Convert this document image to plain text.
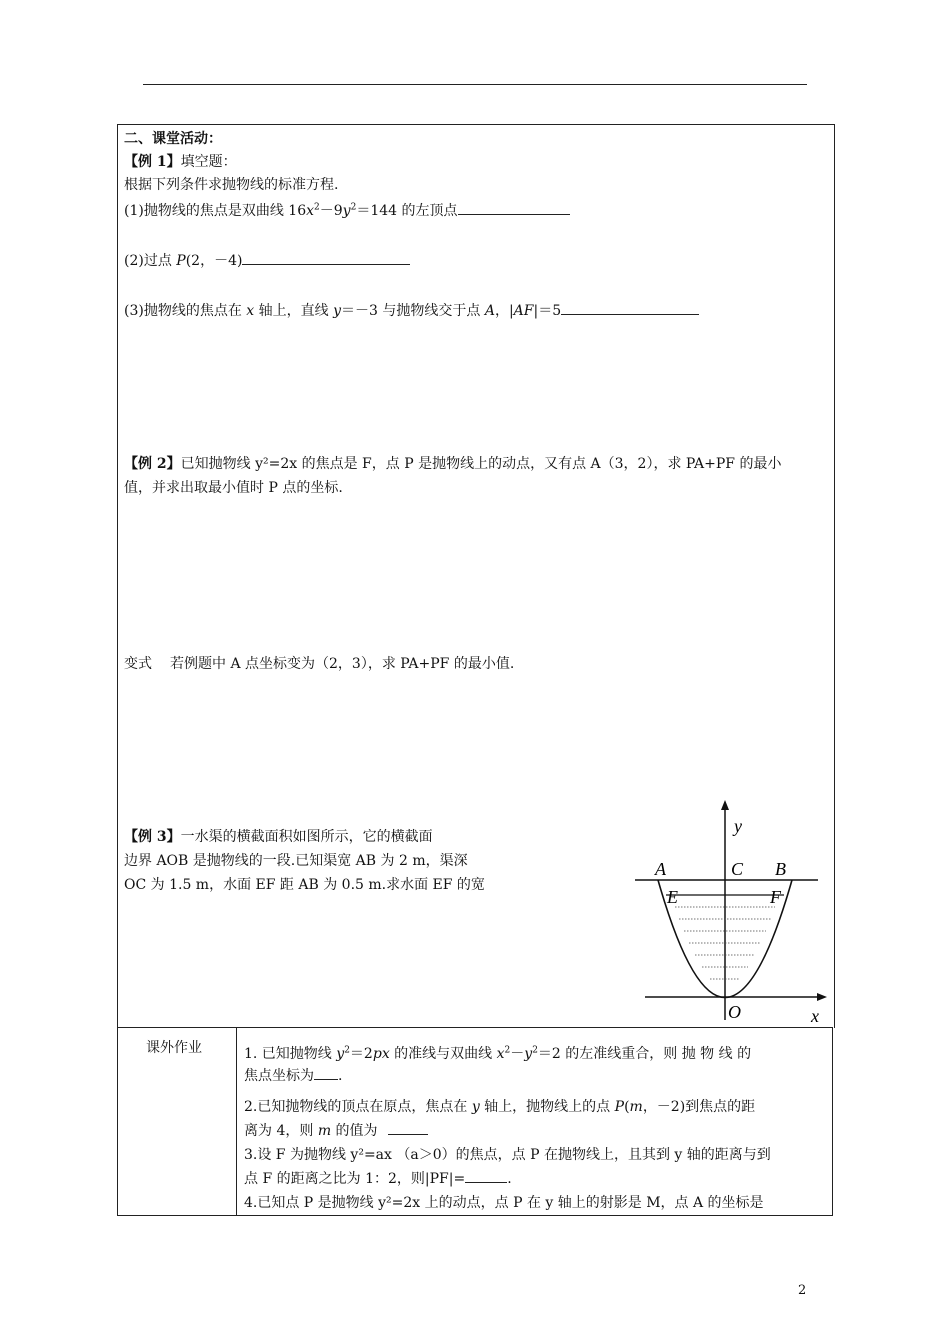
二、课堂活动：
【例 1】填空题：
根据下列条件求抛物线的标准方程.
(1)抛物线的焦点是双曲线 $16x^2-9y^2=144$ 的左顶点
(2)过点 P(2，－4)
(3)抛物线的焦点在 x 轴上，直线 y＝－3 与抛物线交于点 A，|AF|＝5
【例 2】已知抛物线 y²=2x 的焦点是 F，点 P 是抛物线上的动点，又有点 A（3，2），求 PA+PF 的最小
值，并求出取最小值时 P 点的坐标.
变式 若例题中 A 点坐标变为（2，3），求 PA+PF 的最小值.
【例 3】一水渠的横截面积如图所示，它的横截面
边界 AOB 是抛物线的一段.已知渠宽 AB 为 2 m，渠深
OC 为 1.5 m，水面 EF 距 AB 为 0.5 m.求水面 EF 的宽
y
x
A	C B
E	F
O
课外作业	1. 已知抛物线 $y^2=2px$ 的准线与双曲线 $x^2-y^2=2$ 的左准线重合，则 抛 物 线 的
焦点坐标为 .
2.已知抛物线的顶点在原点，焦点在 y 轴上，抛物线上的点 P(m，－2)到焦点的距
离为 4，则 m 的值为
3.设 F 为抛物线 y²=ax （a＞0）的焦点，点 P 在抛物线上，且其到 y 轴的距离与到
点 F 的距离之比为 1：2，则|PF|=	.
4.已知点 P 是抛物线 y²=2x 上的动点，点 P 在 y 轴上的射影是 M，点 A 的坐标是
2
